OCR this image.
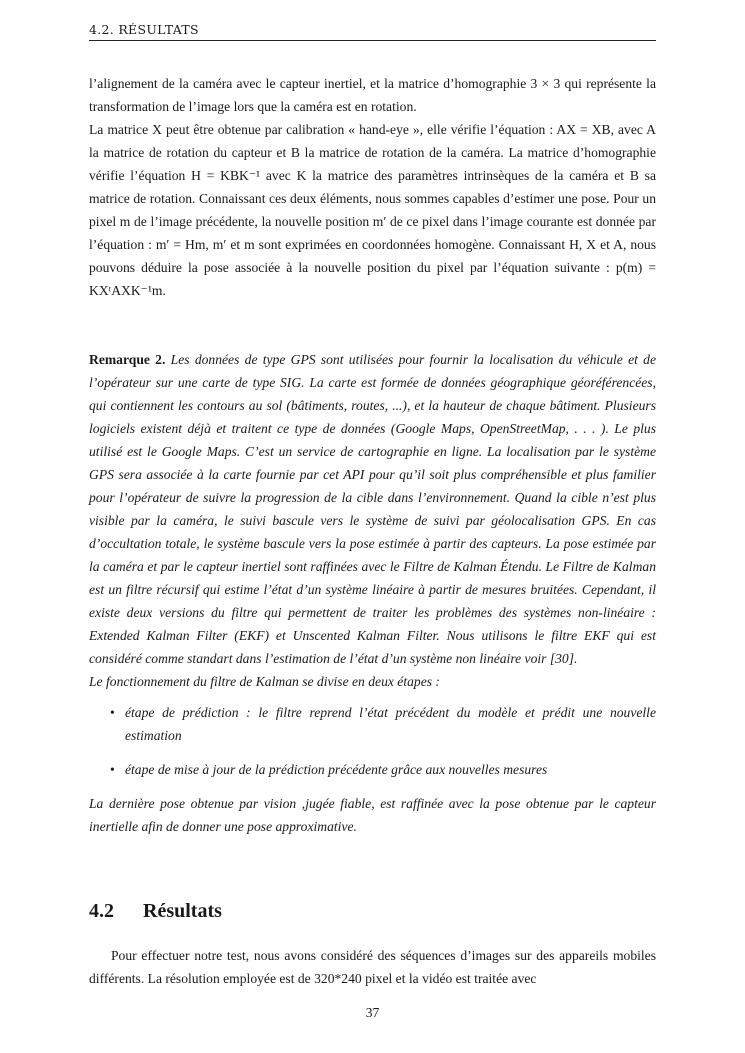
4.2. RÉSULTATS

l’alignement de la caméra avec le capteur inertiel, et la matrice d’homographie 3 × 3 qui représente la transformation de l’image lors que la caméra est en rotation.

La matrice X peut être obtenue par calibration « hand-eye », elle vérifie l’équation : AX = XB, avec A la matrice de rotation du capteur et B la matrice de rotation de la caméra. La matrice d’homographie vérifie l’équation H = KBK⁻¹ avec K la matrice des paramètres intrinsèques de la caméra et B sa matrice de rotation. Connaissant ces deux éléments, nous sommes capables d’estimer une pose. Pour un pixel m de l’image précédente, la nouvelle position m′ de ce pixel dans l’image courante est donnée par l’équation : m′ = Hm, m′ et m sont exprimées en coordonnées homogène. Connaissant H, X et A, nous pouvons déduire la pose associée à la nouvelle position du pixel par l’équation suivante : p(m) = KXᵗAXK⁻¹m.

Remarque 2. Les données de type GPS sont utilisées pour fournir la localisation du véhicule et de l’opérateur sur une carte de type SIG. La carte est formée de données géographique géoréférencées, qui contiennent les contours au sol (bâtiments, routes, ...), et la hauteur de chaque bâtiment. Plusieurs logiciels existent déjà et traitent ce type de données (Google Maps, OpenStreetMap, . . . ). Le plus utilisé est le Google Maps. C’est un service de cartographie en ligne. La localisation par le système GPS sera associée à la carte fournie par cet API pour qu’il soit plus compréhensible et plus familier pour l’opérateur de suivre la progression de la cible dans l’environnement. Quand la cible n’est plus visible par la caméra, le suivi bascule vers le système de suivi par géolocalisation GPS. En cas d’occultation totale, le système bascule vers la pose estimée à partir des capteurs. La pose estimée par la caméra et par le capteur inertiel sont raffinées avec le Filtre de Kalman Étendu. Le Filtre de Kalman est un filtre récursif qui estime l’état d’un système linéaire à partir de mesures bruitées. Cependant, il existe deux versions du filtre qui permettent de traiter les problèmes des systèmes non-linéaire : Extended Kalman Filter (EKF) et Unscented Kalman Filter. Nous utilisons le filtre EKF qui est considéré comme standart dans l’estimation de l’état d’un système non linéaire voir [30].

Le fonctionnement du filtre de Kalman se divise en deux étapes :

• étape de prédiction : le filtre reprend l’état précédent du modèle et prédit une nouvelle estimation
• étape de mise à jour de la prédiction précédente grâce aux nouvelles mesures

La dernière pose obtenue par vision ,jugée fiable, est raffinée avec la pose obtenue par le capteur inertielle afin de donner une pose approximative.

4.2 Résultats
Pour effectuer notre test, nous avons considéré des séquences d’images sur des appareils mobiles différents. La résolution employée est de 320*240 pixel et la vidéo est traitée avec
37
